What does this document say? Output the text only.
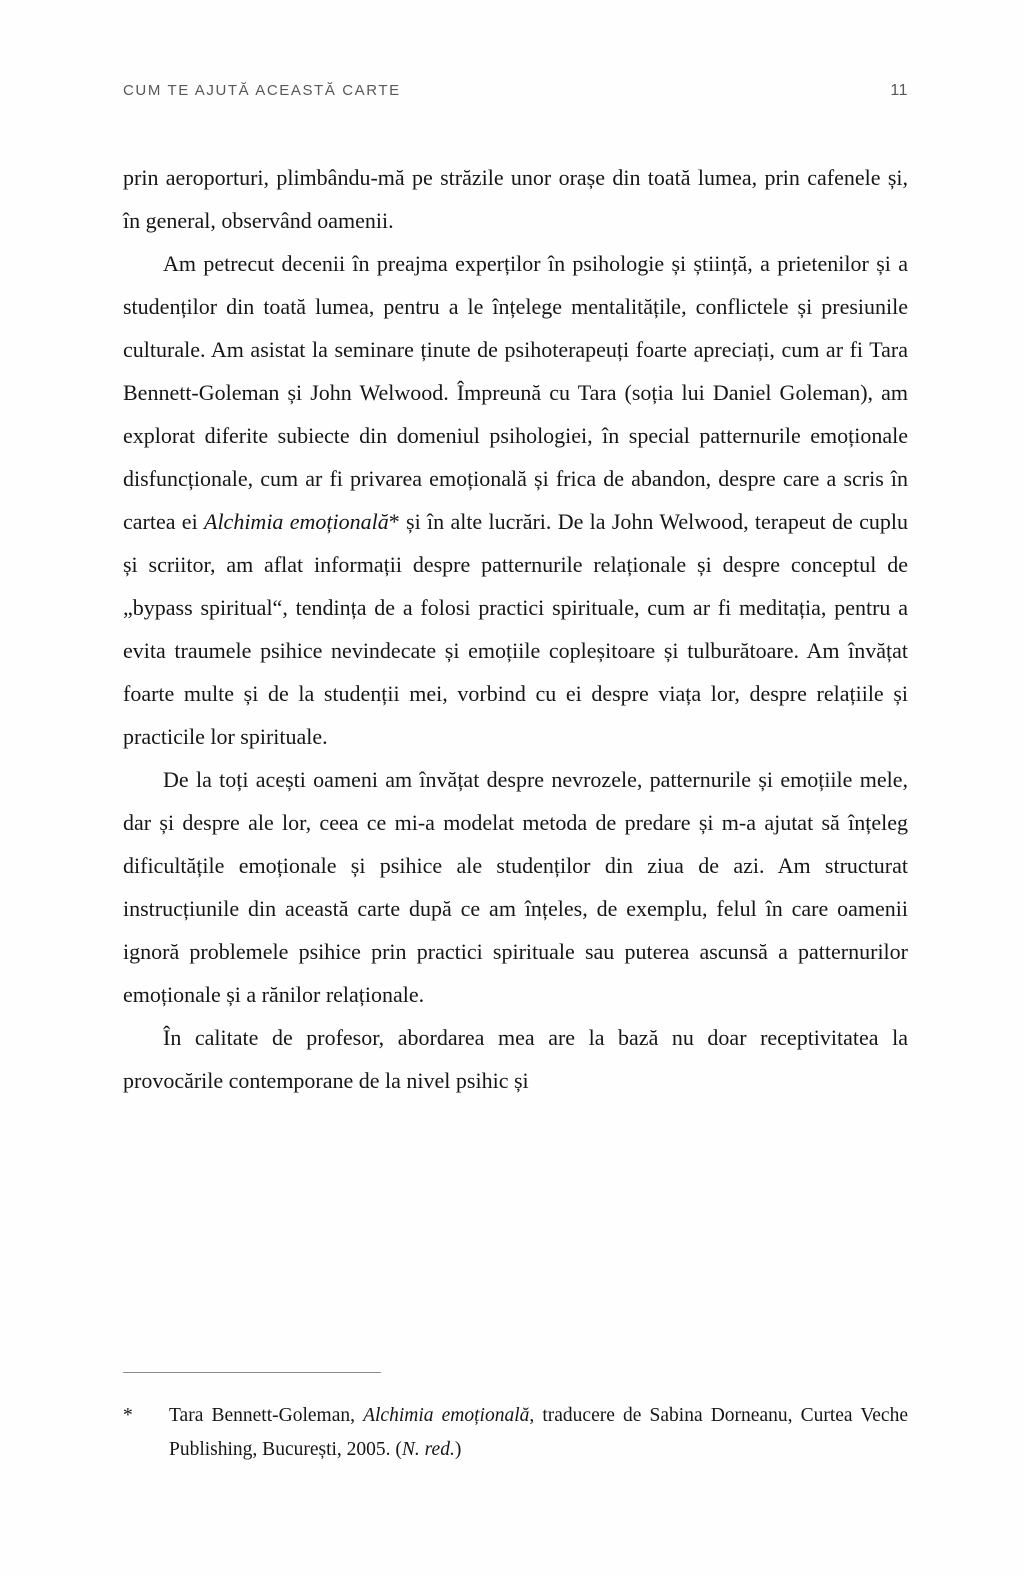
CUM TE AJUTĂ ACEASTĂ CARTE	11

prin aeroporturi, plimbându-mă pe străzile unor orașe din toată lumea, prin cafenele și, în general, observând oamenii.

Am petrecut decenii în preajma experților în psihologie și știință, a prietenilor și a studenților din toată lumea, pentru a le înțelege mentalitățile, conflictele și presiunile culturale. Am asistat la seminare ținute de psihoterapeuți foarte apreciați, cum ar fi Tara Bennett-Goleman și John Welwood. Împreună cu Tara (soția lui Daniel Goleman), am explorat diferite subiecte din domeniul psihologiei, în special patternurile emoționale disfuncționale, cum ar fi privarea emoțională și frica de abandon, despre care a scris în cartea ei Alchimia emoțională* și în alte lucrări. De la John Welwood, terapeut de cuplu și scriitor, am aflat informații despre patternurile relaționale și despre conceptul de „bypass spiritual“, tendința de a folosi practici spirituale, cum ar fi meditația, pentru a evita traumele psihice nevindecate și emoțiile copleșitoare și tulburătoare. Am învățat foarte multe și de la studenții mei, vorbind cu ei despre viața lor, despre relațiile și practicile lor spirituale.

De la toți acești oameni am învățat despre nevrozele, patternurile și emoțiile mele, dar și despre ale lor, ceea ce mi-a modelat metoda de predare și m-a ajutat să înțeleg dificultățile emoționale și psihice ale studenților din ziua de azi. Am structurat instrucțiunile din această carte după ce am înțeles, de exemplu, felul în care oamenii ignoră problemele psihice prin practici spirituale sau puterea ascunsă a patternurilor emoționale și a rănilor relaționale.

În calitate de profesor, abordarea mea are la bază nu doar receptivitatea la provocările contemporane de la nivel psihic și

* Tara Bennett-Goleman, Alchimia emoțională, traducere de Sabina Dorneanu, Curtea Veche Publishing, București, 2005. (N. red.)
